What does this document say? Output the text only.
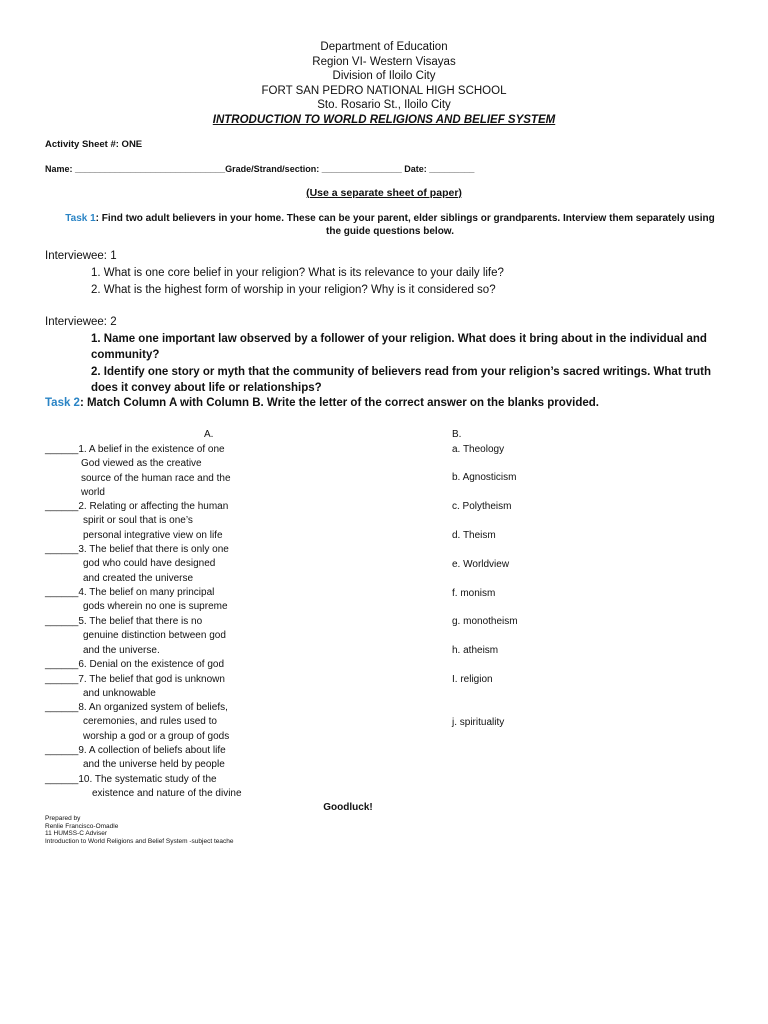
Department of Education
Region VI- Western Visayas
Division of Iloilo City
FORT SAN PEDRO NATIONAL HIGH SCHOOL
Sto. Rosario St., Iloilo City
INTRODUCTION TO WORLD RELIGIONS AND BELIEF SYSTEM
Activity Sheet #: ONE
Name: ______________________________Grade/Strand/section: ________________ Date: _________
(Use a separate sheet of paper)
Task 1: Find two adult believers in your home. These can be your parent, elder siblings or grandparents. Interview them separately using the guide questions below.
Interviewee: 1
1. What is one core belief in your religion? What is its relevance to your daily life?
2. What is the highest form of worship in your religion? Why is it considered so?
Interviewee: 2
1. Name one important law observed by a follower of your religion. What does it bring about in the individual and community?
2. Identify one story or myth that the community of believers read from your religion’s sacred writings. What truth does it convey about life or relationships?
Task 2: Match Column A with Column B. Write the letter of the correct answer on the blanks provided.
A.	B.
______1. A belief in the existence of one
God viewed as the creative
source of the human race and the
world
______2. Relating or affecting the human
spirit or soul that is one’s
personal integrative view on life
______3. The belief that there is only one
god who could have designed
and created the universe
______4. The belief on many principal
gods wherein no one is supreme
______5. The belief that there is no
genuine distinction between god
and the universe.
______6. Denial on the existence of god
______7. The belief that god is unknown
and unknowable
______8. An organized system of beliefs,
ceremonies, and rules used to
worship a god or a group of gods
______9. A collection of beliefs about life
and the universe held by people
______10. The systematic study of the
existence and nature of the divine
a. Theology
b. Agnosticism
c. Polytheism
d. Theism
e. Worldview
f. monism
g. monotheism
h. atheism
I. religion
j. spirituality
Goodluck!
Prepared by
Renlie Francisco-Omadle
11 HUMSS-C Adviser
Introduction to World Religions and Belief System -subject teache
